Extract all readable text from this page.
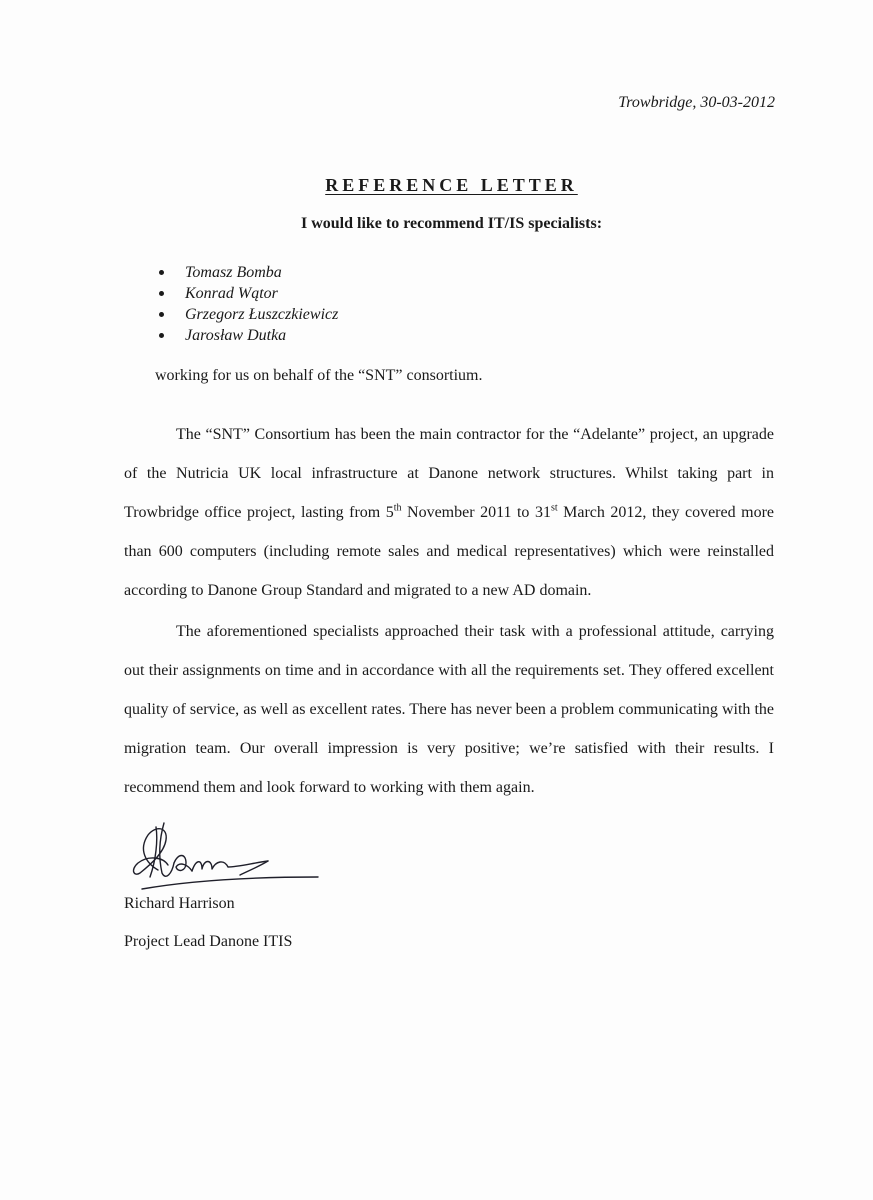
Trowbridge, 30-03-2012
REFERENCE LETTER
I would like to recommend IT/IS specialists:
Tomasz Bomba
Konrad Wątor
Grzegorz Łuszczkiewicz
Jarosław Dutka
working for us on behalf of the “SNT” consortium.

The “SNT” Consortium has been the main contractor for the “Adelante” project, an upgrade of the Nutricia UK local infrastructure at Danone network structures. Whilst taking part in Trowbridge office project, lasting from 5th November 2011 to 31st March 2012, they covered more than 600 computers (including remote sales and medical representatives) which were reinstalled according to Danone Group Standard and migrated to a new AD domain.

The aforementioned specialists approached their task with a professional attitude, carrying out their assignments on time and in accordance with all the requirements set. They offered excellent quality of service, as well as excellent rates. There has never been a problem communicating with the migration team. Our overall impression is very positive; we’re satisfied with their results. I recommend them and look forward to working with them again.

Richard Harrison
Project Lead Danone ITIS
